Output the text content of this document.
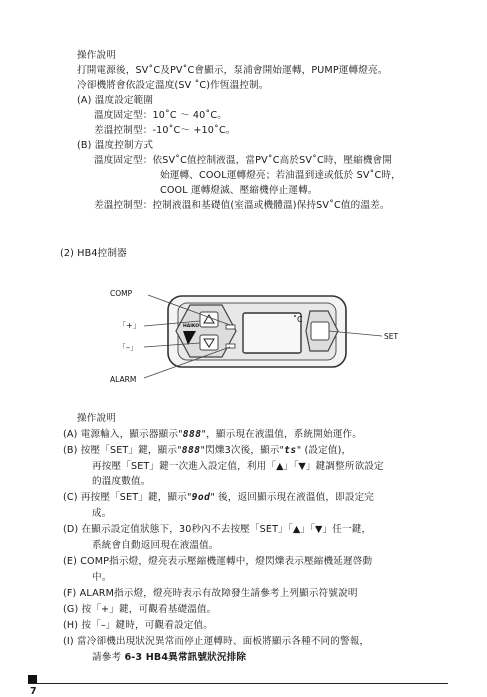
操作說明
打開電源後，SV˚C及PV˚C會顯示，泵浦會開始運轉，PUMP運轉燈亮。
冷卻機將會依設定溫度(SV ˚C)作恆溫控制。
(A) 溫度設定範圍
溫度固定型：10˚C ～ 40˚C。
差溫控制型：-10˚C～ +10˚C。
(B) 溫度控制方式
溫度固定型：依SV˚C值控制液溫，當PV˚C高於SV˚C時，壓縮機會開
始運轉、COOL運轉燈亮；若油溫到達或低於 SV˚C時，
COOL 運轉燈滅、壓縮機停止運轉。
差溫控制型：控制液溫和基礎值(室溫或機體溫)保持SV˚C值的溫差。
(2) HB4控制器
HAIKO
˚C
COMP
「+」
「–」
ALARM
SET
操作說明
(A) 電源輸入，顯示器顯示"888"，顯示現在液溫值，系統開始運作。
(B) 按壓「SET」鍵，顯示"888"閃爍3次後，顯示"ts" (設定值)，
再按壓「SET」鍵一次進入設定值，利用「▲」「▼」鍵調整所欲設定
的溫度數值。
(C) 再按壓「SET」鍵，顯示"9od" 後，返回顯示現在液溫值，即設定完
成。
(D) 在顯示設定值狀態下，30秒內不去按壓「SET」「▲」「▼」任一鍵，
系統會自動返回現在液溫值。
(E) COMP指示燈，燈亮表示壓縮機運轉中，燈閃爍表示壓縮機延遲啓動
中。
(F) ALARM指示燈，燈亮時表示有故障發生請參考上列顯示符號說明
(G) 按「+」鍵，可觀看基礎溫值。
(H) 按「–」鍵時，可觀看設定值。
(I) 當冷卻機出現狀況異常而停止運轉時、面板將顯示各種不同的警報，
請參考 6-3 HB4異常訊號狀況排除
7
